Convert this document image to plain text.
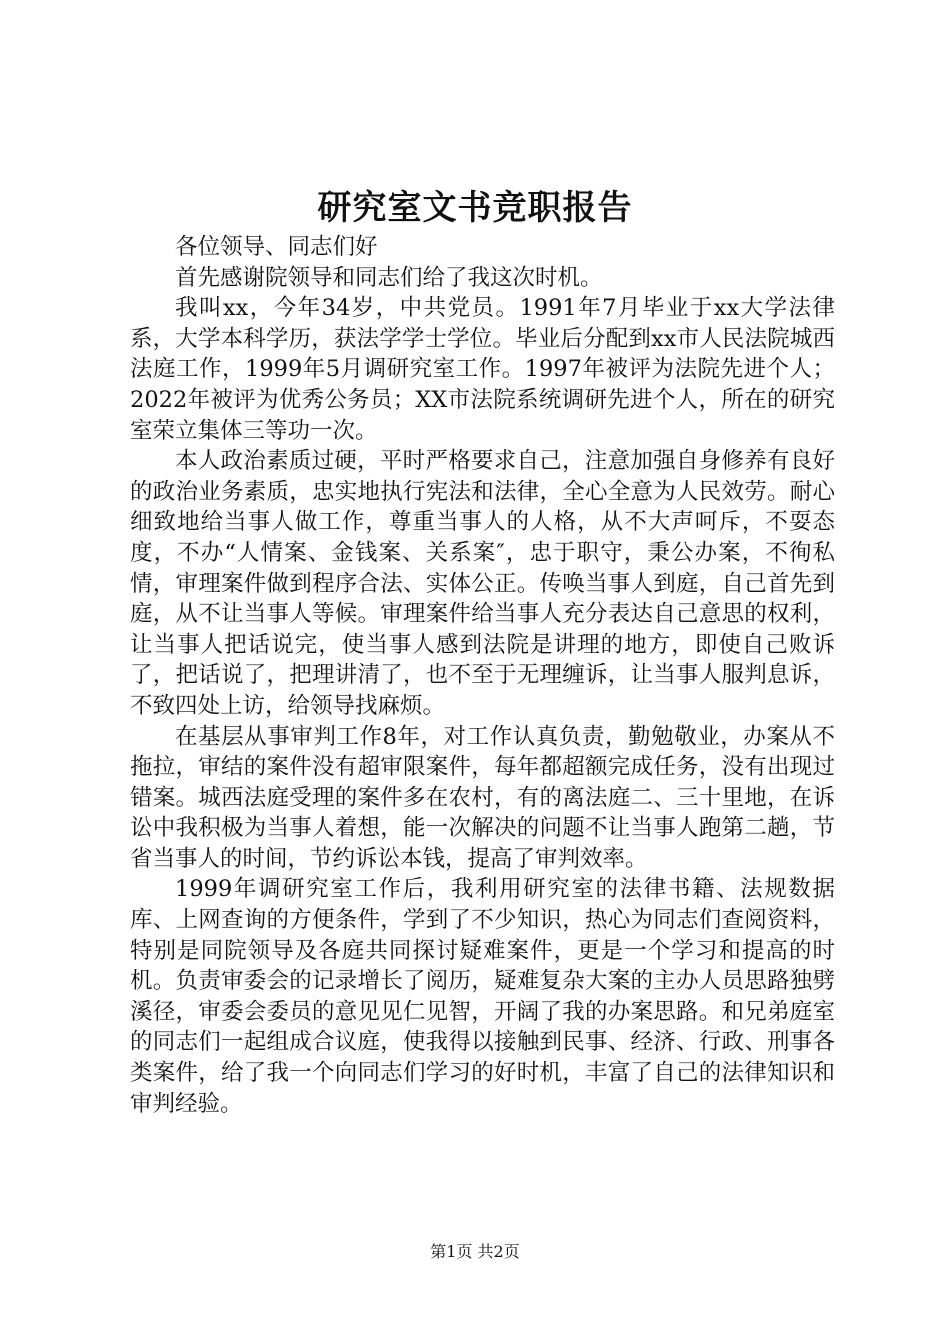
研究室文书竞职报告

各位领导、同志们好

首先感谢院领导和同志们给了我这次时机。

我叫xx，今年34岁，中共党员。1991年7月毕业于xx大学法律系，大学本科学历，获法学学士学位。毕业后分配到xx市人民法院城西法庭工作，1999年5月调研究室工作。1997年被评为法院先进个人；2022年被评为优秀公务员；XX市法院系统调研先进个人，所在的研究室荣立集体三等功一次。

本人政治素质过硬，平时严格要求自己，注意加强自身修养有良好的政治业务素质，忠实地执行宪法和法律，全心全意为人民效劳。耐心细致地给当事人做工作，尊重当事人的人格，从不大声呵斥，不耍态度，不办“人情案、金钱案、关系案″，忠于职守，秉公办案，不徇私情，审理案件做到程序合法、实体公正。传唤当事人到庭，自己首先到庭，从不让当事人等候。审理案件给当事人充分表达自己意思的权利，让当事人把话说完，使当事人感到法院是讲理的地方，即使自己败诉了，把话说了，把理讲清了，也不至于无理缠诉，让当事人服判息诉，不致四处上访，给领导找麻烦。

在基层从事审判工作8年，对工作认真负责，勤勉敬业，办案从不拖拉，审结的案件没有超审限案件，每年都超额完成任务，没有出现过错案。城西法庭受理的案件多在农村，有的离法庭二、三十里地，在诉讼中我积极为当事人着想，能一次解决的问题不让当事人跑第二趟，节省当事人的时间，节约诉讼本钱，提高了审判效率。

1999年调研究室工作后，我利用研究室的法律书籍、法规数据库、上网查询的方便条件，学到了不少知识，热心为同志们查阅资料，特别是同院领导及各庭共同探讨疑难案件，更是一个学习和提高的时机。负责审委会的记录增长了阅历，疑难复杂大案的主办人员思路独劈溪径，审委会委员的意见见仁见智，开阔了我的办案思路。和兄弟庭室的同志们一起组成合议庭，使我得以接触到民事、经济、行政、刑事各类案件，给了我一个向同志们学习的好时机，丰富了自己的法律知识和审判经验。

第1页 共2页
